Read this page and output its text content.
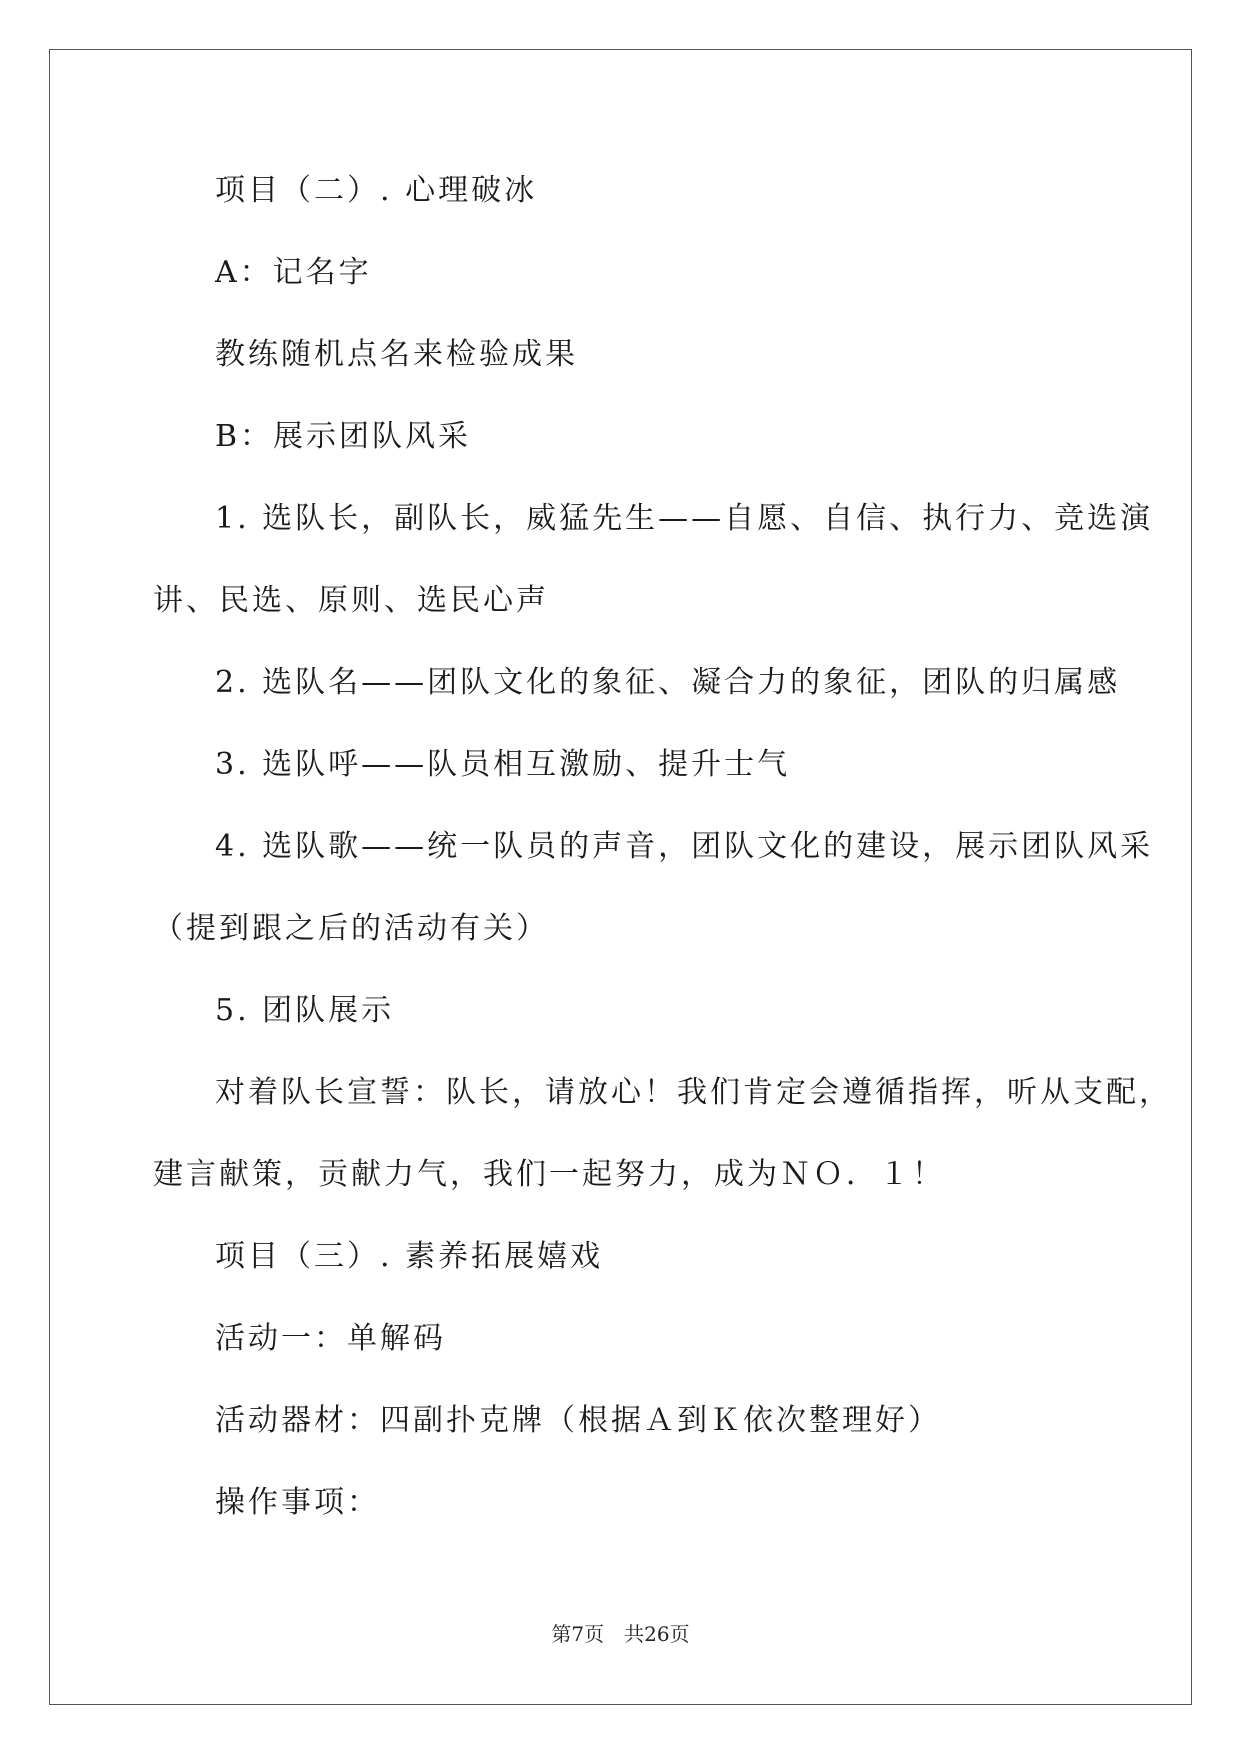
项目（二）. 心理破冰
A：记名字
教练随机点名来检验成果
B：展示团队风采
1. 选队长，副队长，威猛先生——自愿、自信、执行力、竞选演
讲、民选、原则、选民心声
2. 选队名——团队文化的象征、凝合力的象征，团队的归属感
3. 选队呼——队员相互激励、提升士气
4. 选队歌——统一队员的声音，团队文化的建设，展示团队风采
（提到跟之后的活动有关）
5. 团队展示
对着队长宣誓：队长，请放心！我们肯定会遵循指挥，听从支配，
建言献策，贡献力气，我们一起努力，成为ＮＯ．１！
项目（三）. 素养拓展嬉戏
活动一：单解码
活动器材：四副扑克牌（根据Ａ到Ｋ依次整理好）
操作事项：
第7页　共26页
